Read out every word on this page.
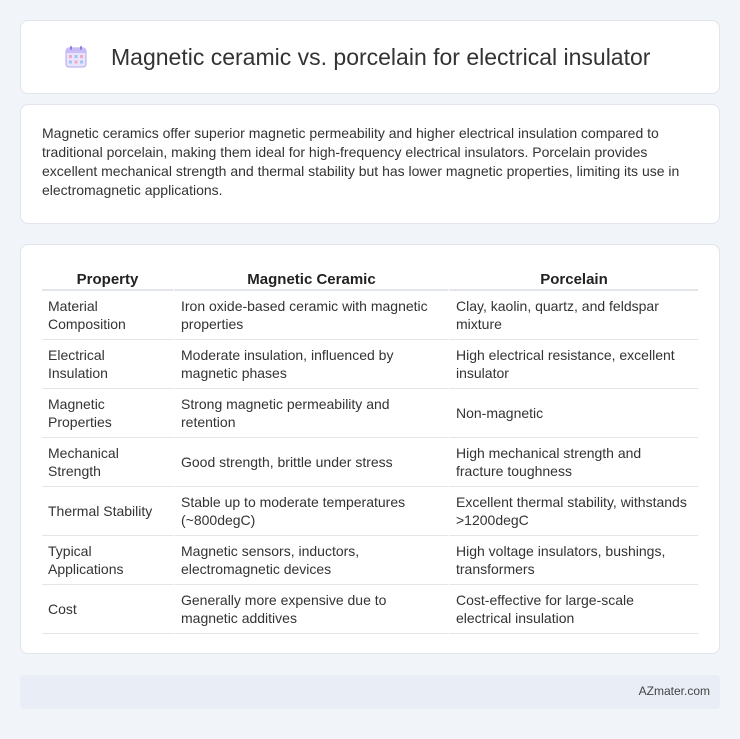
Magnetic ceramic vs. porcelain for electrical insulator

Magnetic ceramics offer superior magnetic permeability and higher electrical insulation compared to traditional porcelain, making them ideal for high-frequency electrical insulators. Porcelain provides excellent mechanical strength and thermal stability but has lower magnetic properties, limiting its use in electromagnetic applications.

Property	Magnetic Ceramic	Porcelain
Material Composition	Iron oxide-based ceramic with magnetic properties	Clay, kaolin, quartz, and feldspar mixture
Electrical Insulation	Moderate insulation, influenced by magnetic phases	High electrical resistance, excellent insulator
Magnetic Properties	Strong magnetic permeability and retention	Non-magnetic
Mechanical Strength	Good strength, brittle under stress	High mechanical strength and fracture toughness
Thermal Stability	Stable up to moderate temperatures (~800degC)	Excellent thermal stability, withstands >1200degC
Typical Applications	Magnetic sensors, inductors, electromagnetic devices	High voltage insulators, bushings, transformers
Cost	Generally more expensive due to magnetic additives	Cost-effective for large-scale electrical insulation
AZmater.com
